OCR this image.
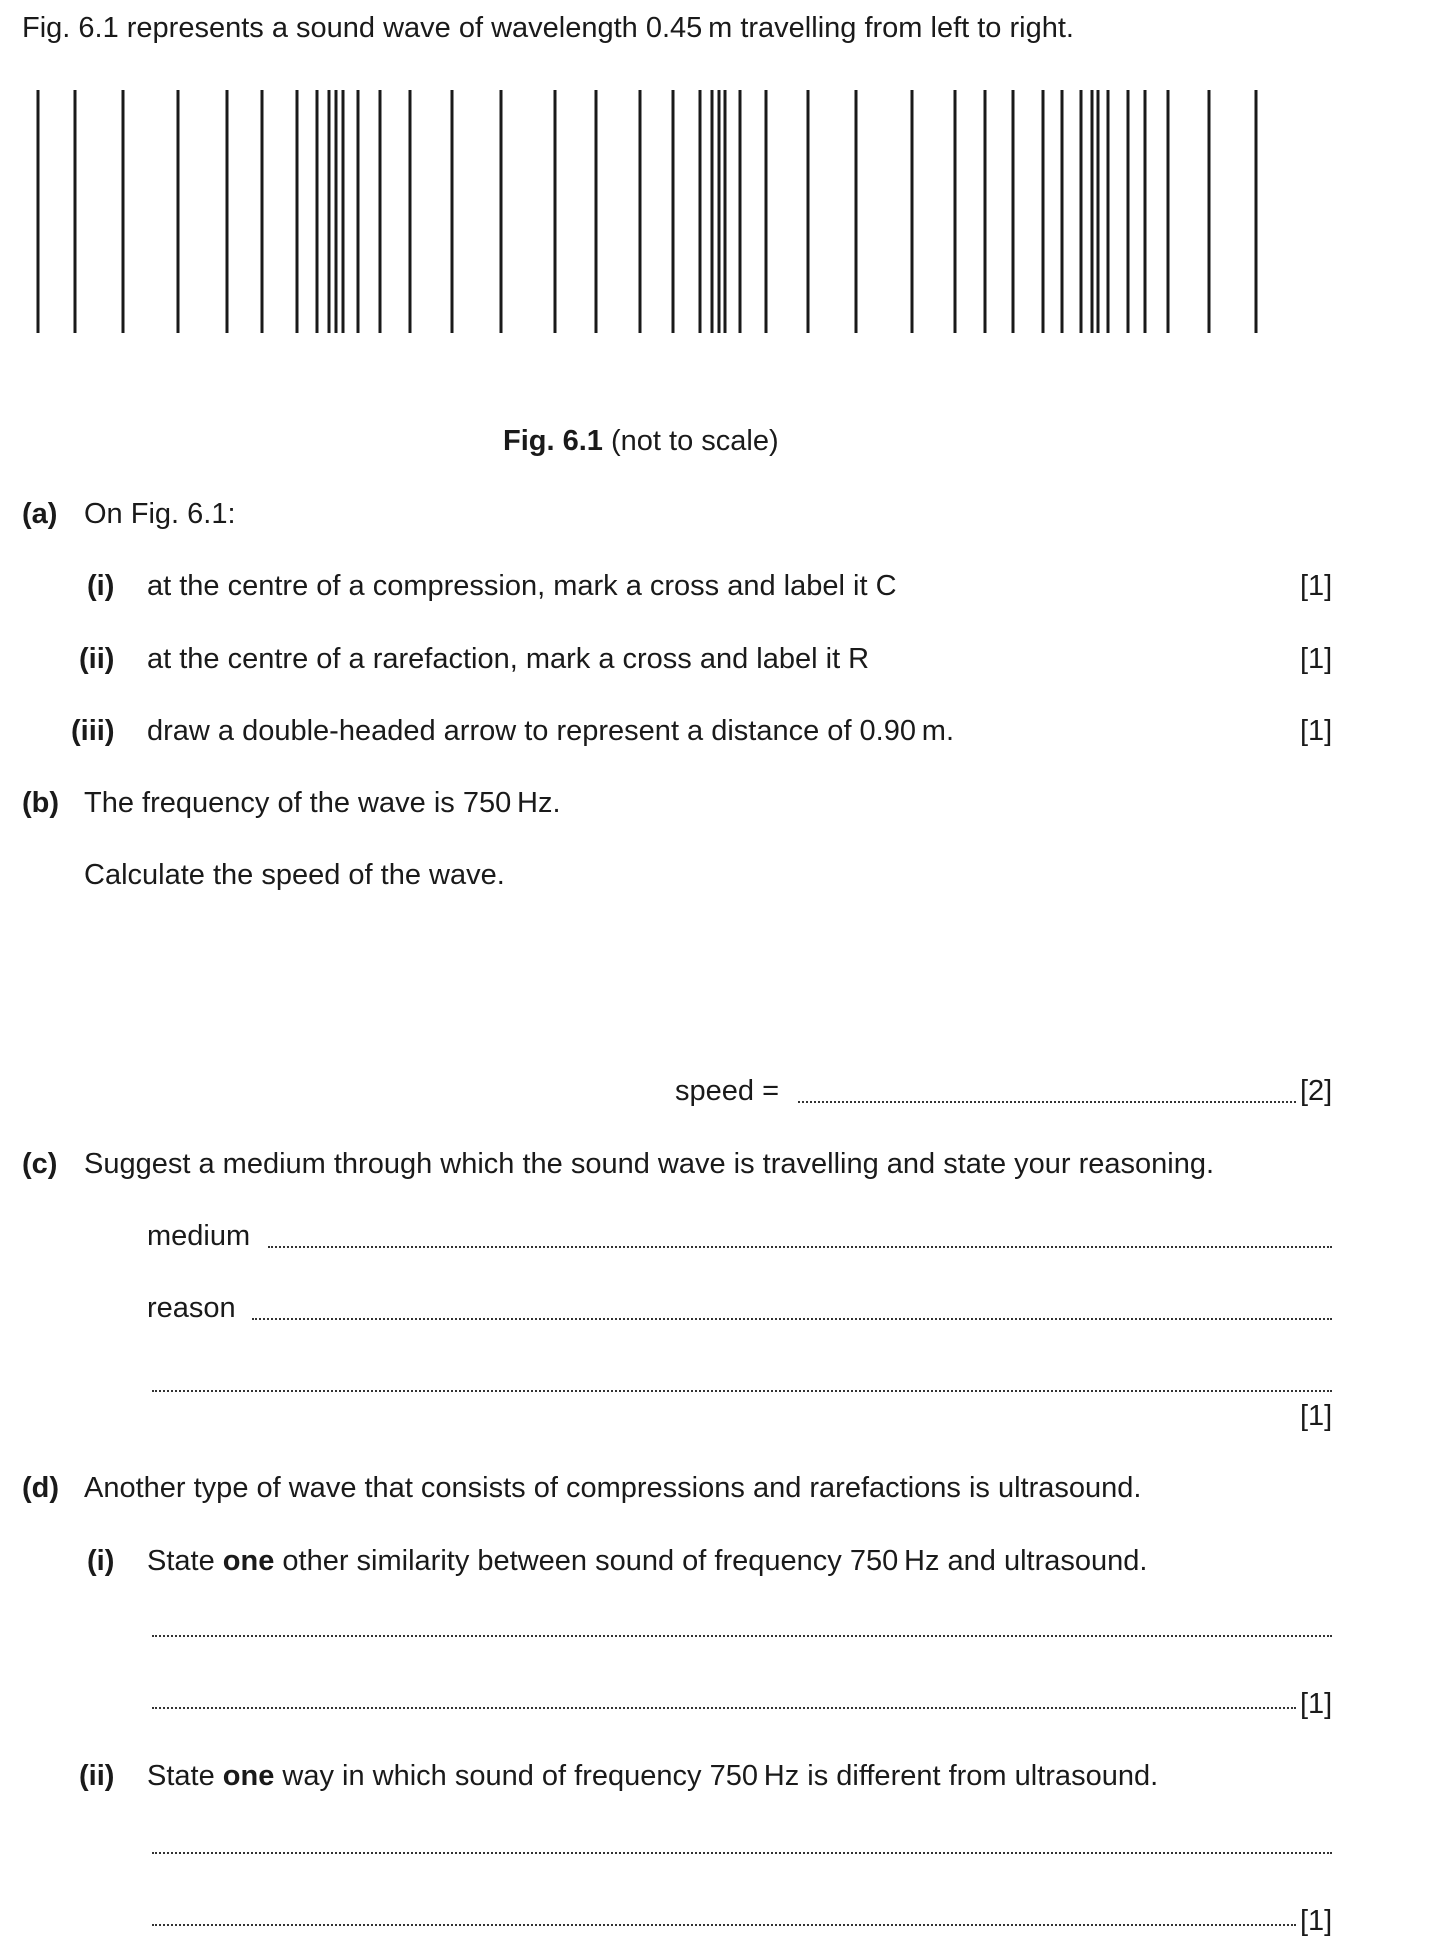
Fig. 6.1 represents a sound wave of wavelength 0.45 m travelling from left to right.
Fig. 6.1 (not to scale)
(a) On Fig. 6.1:
(i) at the centre of a compression, mark a cross and label it C	[1]
(ii) at the centre of a rarefaction, mark a cross and label it R	[1]
(iii) draw a double-headed arrow to represent a distance of 0.90 m.	[1]
(b) The frequency of the wave is 750 Hz.
Calculate the speed of the wave.
speed =	[2]
(c) Suggest a medium through which the sound wave is travelling and state your reasoning.
medium
reason
[1]
(d) Another type of wave that consists of compressions and rarefactions is ultrasound.
(i) State one other similarity between sound of frequency 750 Hz and ultrasound.
[1]
(ii) State one way in which sound of frequency 750 Hz is different from ultrasound.
[1]
